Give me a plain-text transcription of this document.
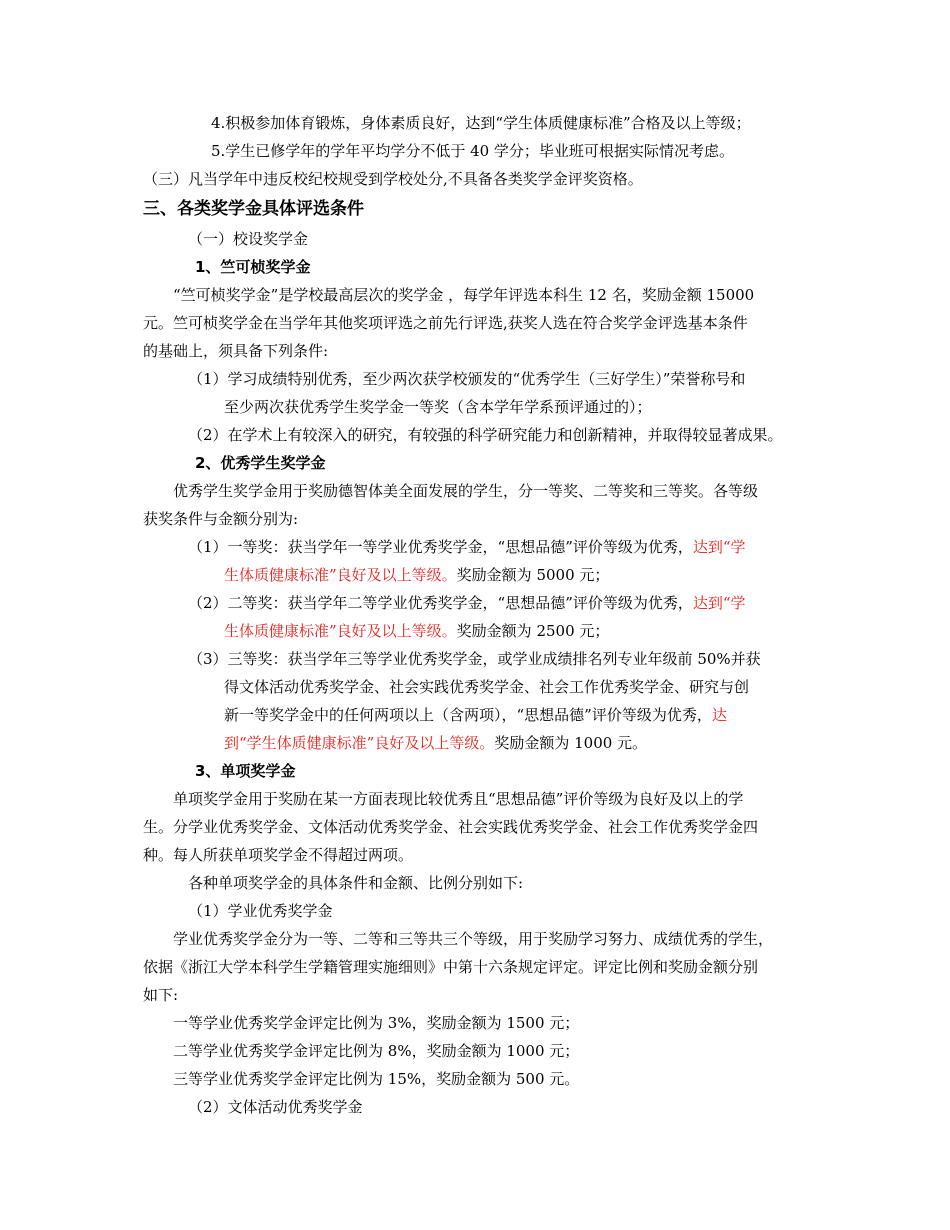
4.积极参加体育锻炼，身体素质良好，达到“学生体质健康标准”合格及以上等级；
5.学生已修学年的学年平均学分不低于 40 学分；毕业班可根据实际情况考虑。
（三）凡当学年中违反校纪校规受到学校处分,不具备各类奖学金评奖资格。
三、各类奖学金具体评选条件
（一）校设奖学金
1、竺可桢奖学金
“竺可桢奖学金”是学校最高层次的奖学金 ，每学年评选本科生 12 名，奖励金额 15000
元。竺可桢奖学金在当学年其他奖项评选之前先行评选,获奖人选在符合奖学金评选基本条件
的基础上，须具备下列条件:
（1）学习成绩特别优秀，至少两次获学校颁发的“优秀学生（三好学生）”荣誉称号和
至少两次获优秀学生奖学金一等奖（含本学年学系预评通过的）；
（2）在学术上有较深入的研究，有较强的科学研究能力和创新精神，并取得较显著成果。
2、优秀学生奖学金
优秀学生奖学金用于奖励德智体美全面发展的学生，分一等奖、二等奖和三等奖。各等级
获奖条件与金额分别为:
（1）一等奖：获当学年一等学业优秀奖学金，“思想品德”评价等级为优秀，达到“学
生体质健康标准”良好及以上等级。奖励金额为 5000 元；
（2）二等奖：获当学年二等学业优秀奖学金，“思想品德”评价等级为优秀，达到“学
生体质健康标准”良好及以上等级。奖励金额为 2500 元；
（3）三等奖：获当学年三等学业优秀奖学金，或学业成绩排名列专业年级前 50%并获
得文体活动优秀奖学金、社会实践优秀奖学金、社会工作优秀奖学金、研究与创
新一等奖学金中的任何两项以上（含两项），“思想品德”评价等级为优秀，达
到“学生体质健康标准”良好及以上等级。奖励金额为 1000 元。
3、单项奖学金
单项奖学金用于奖励在某一方面表现比较优秀且“思想品德”评价等级为良好及以上的学
生。分学业优秀奖学金、文体活动优秀奖学金、社会实践优秀奖学金、社会工作优秀奖学金四
种。每人所获单项奖学金不得超过两项。
各种单项奖学金的具体条件和金额、比例分别如下:
（1）学业优秀奖学金
学业优秀奖学金分为一等、二等和三等共三个等级，用于奖励学习努力、成绩优秀的学生，
依据《浙江大学本科学生学籍管理实施细则》中第十六条规定评定。评定比例和奖励金额分别
如下:
一等学业优秀奖学金评定比例为 3%，奖励金额为 1500 元；
二等学业优秀奖学金评定比例为 8%，奖励金额为 1000 元；
三等学业优秀奖学金评定比例为 15%，奖励金额为 500 元。
（2）文体活动优秀奖学金
